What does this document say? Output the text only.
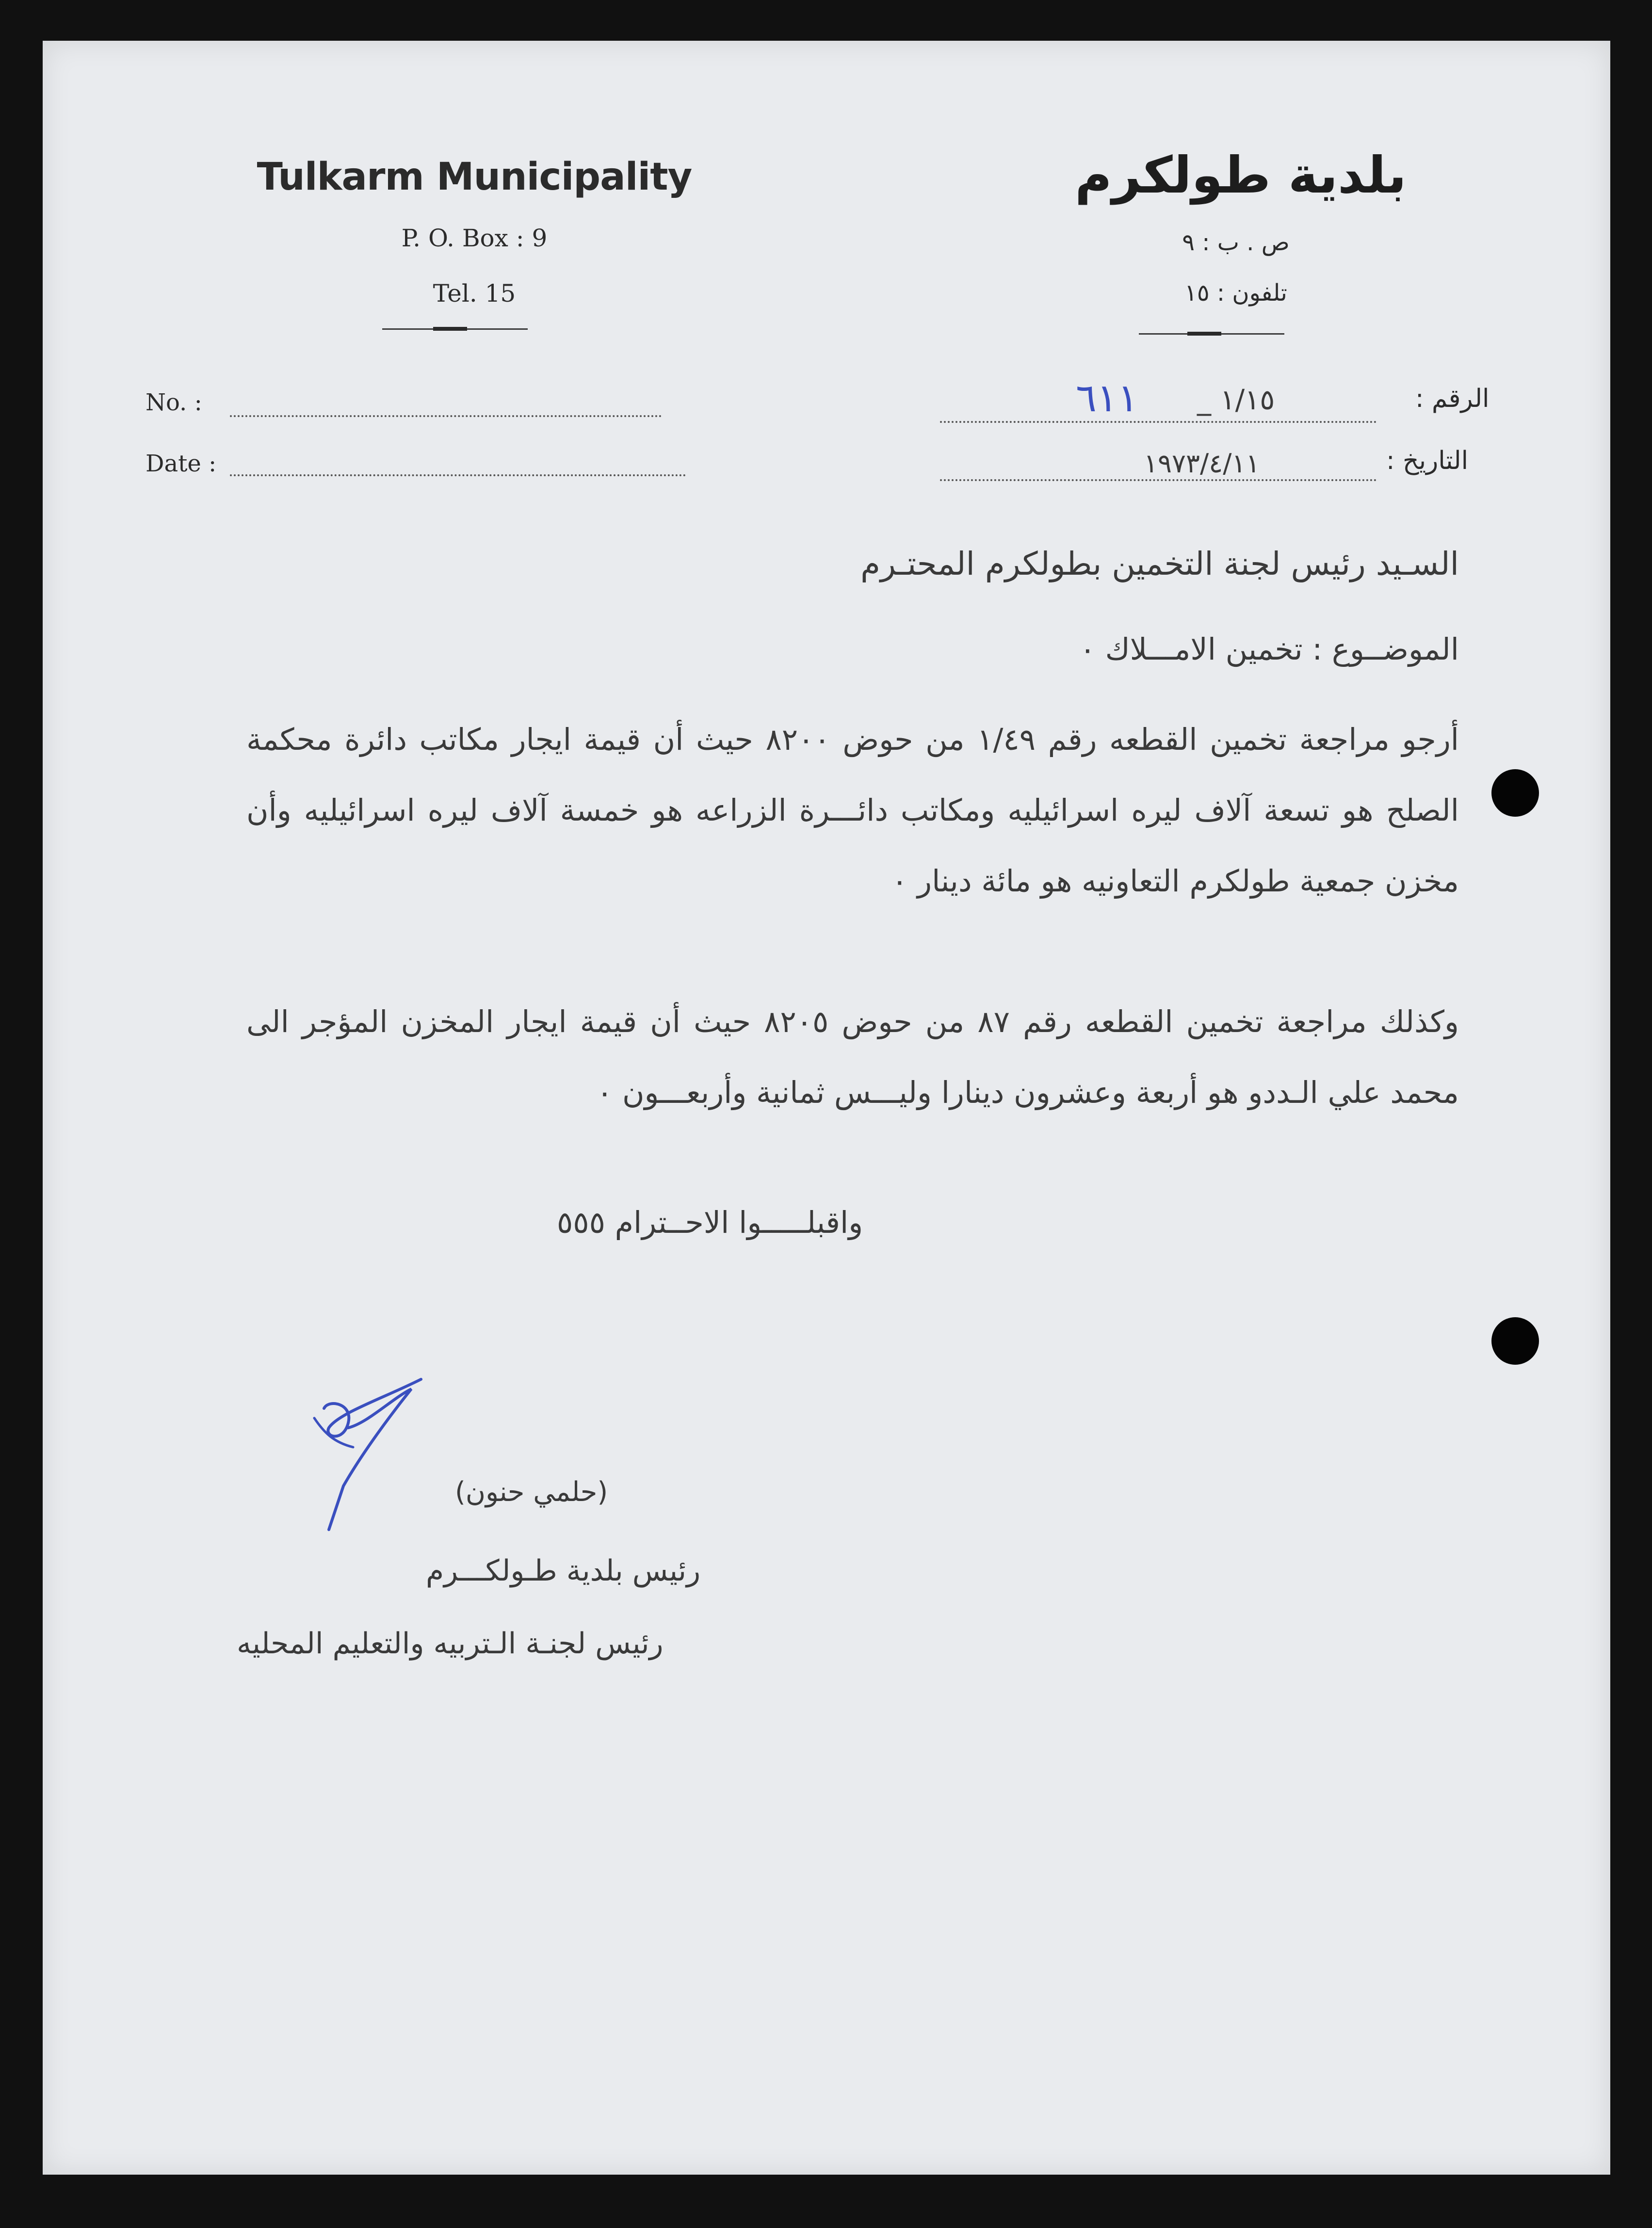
Tulkarm Municipality
P. O. Box : 9
Tel. 15
بلدية طولكرم
ص . ب : ٩
تلفون : ١٥
No. :
Date :
الرقم :
١/١٥ _
٦١١
التاريخ :
١٩٧٣/٤/١١
السـيد رئيس لجنة التخمين بطولكرم المحتـرم
الموضــوع : تخمين الامـــلاك ٠
أرجو مراجعة تخمين القطعه رقم ١/٤٩ من حوض ٨٢٠٠ حيث أن قيمة ايجار مكاتب دائرة محكمة الصلح هو تسعة آلاف ليره اسرائيليه ومكاتب دائـــرة الزراعه هو خمسة آلاف ليره اسرائيليه وأن مخزن جمعية طولكرم التعاونيه هو مائة دينار ٠
وكذلك مراجعة تخمين القطعه رقم ٨٧ من حوض ٨٢٠٥ حيث أن قيمة ايجار المخزن المؤجر الى محمد علي الـددو هو أربعة وعشرون دينارا وليـــس ثمانية وأربعـــون ٠
واقبلـــــوا الاحــترام ٥٥٥
(حلمي حنون)
رئيس بلدية طـولكـــرم
رئيس لجنـة الـتربيه والتعليم المحليه
